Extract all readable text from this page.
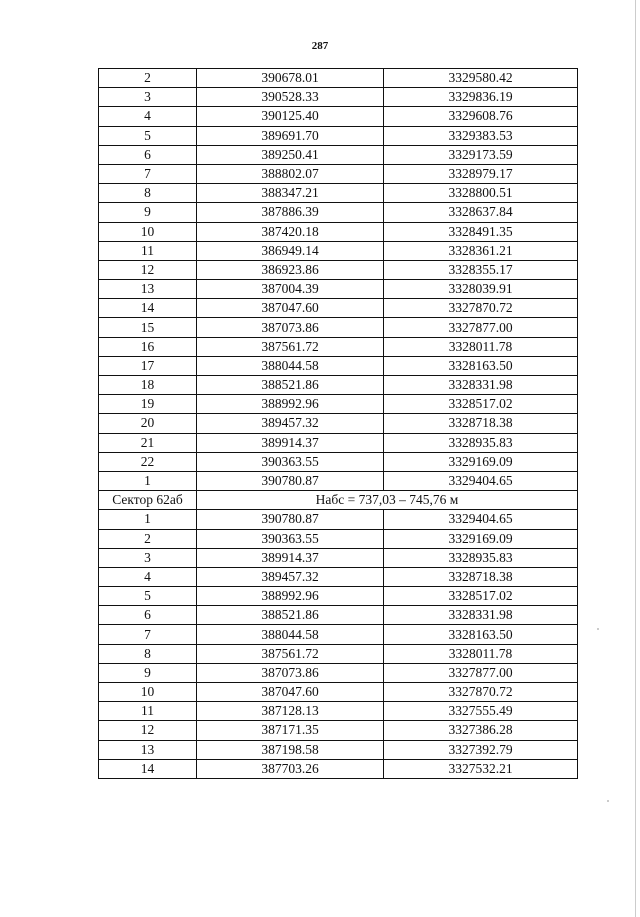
287
2	390678.01	3329580.42
3	390528.33	3329836.19
4	390125.40	3329608.76
5	389691.70	3329383.53
6	389250.41	3329173.59
7	388802.07	3328979.17
8	388347.21	3328800.51
9	387886.39	3328637.84
10	387420.18	3328491.35
11	386949.14	3328361.21
12	386923.86	3328355.17
13	387004.39	3328039.91
14	387047.60	3327870.72
15	387073.86	3327877.00
16	387561.72	3328011.78
17	388044.58	3328163.50
18	388521.86	3328331.98
19	388992.96	3328517.02
20	389457.32	3328718.38
21	389914.37	3328935.83
22	390363.55	3329169.09
1	390780.87	3329404.65
Сектор 62аб	Набс = 737,03 – 745,76 м	
1	390780.87	3329404.65
2	390363.55	3329169.09
3	389914.37	3328935.83
4	389457.32	3328718.38
5	388992.96	3328517.02
6	388521.86	3328331.98
7	388044.58	3328163.50
8	387561.72	3328011.78
9	387073.86	3327877.00
10	387047.60	3327870.72
11	387128.13	3327555.49
12	387171.35	3327386.28
13	387198.58	3327392.79
14	387703.26	3327532.21
